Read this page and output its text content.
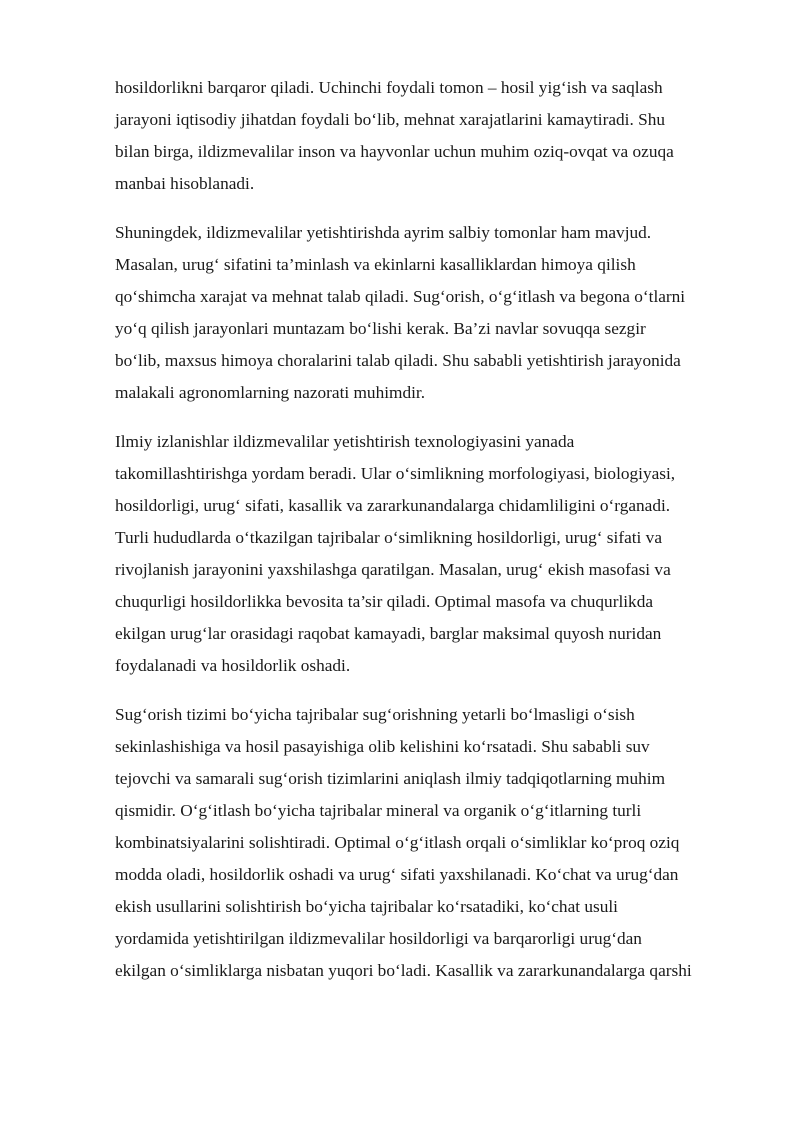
hosildorlikni barqaror qiladi. Uchinchi foydali tomon – hosil yig‘ish va saqlash
jarayoni iqtisodiy jihatdan foydali bo‘lib, mehnat xarajatlarini kamaytiradi. Shu
bilan birga, ildizmevalilar inson va hayvonlar uchun muhim oziq-ovqat va ozuqa
manbai hisoblanadi.

Shuningdek, ildizmevalilar yetishtirishda ayrim salbiy tomonlar ham mavjud.
Masalan, urug‘ sifatini ta’minlash va ekinlarni kasalliklardan himoya qilish
qo‘shimcha xarajat va mehnat talab qiladi. Sug‘orish, o‘g‘itlash va begona o‘tlarni
yo‘q qilish jarayonlari muntazam bo‘lishi kerak. Ba’zi navlar sovuqqa sezgir
bo‘lib, maxsus himoya choralarini talab qiladi. Shu sababli yetishtirish jarayonida
malakali agronomlarning nazorati muhimdir.

Ilmiy izlanishlar ildizmevalilar yetishtirish texnologiyasini yanada
takomillashtirishga yordam beradi. Ular o‘simlikning morfologiyasi, biologiyasi,
hosildorligi, urug‘ sifati, kasallik va zararkunandalarga chidamliligini o‘rganadi.
Turli hududlarda o‘tkazilgan tajribalar o‘simlikning hosildorligi, urug‘ sifati va
rivojlanish jarayonini yaxshilashga qaratilgan. Masalan, urug‘ ekish masofasi va
chuqurligi hosildorlikka bevosita ta’sir qiladi. Optimal masofa va chuqurlikda
ekilgan urug‘lar orasidagi raqobat kamayadi, barglar maksimal quyosh nuridan
foydalanadi va hosildorlik oshadi.

Sug‘orish tizimi bo‘yicha tajribalar sug‘orishning yetarli bo‘lmasligi o‘sish
sekinlashishiga va hosil pasayishiga olib kelishini ko‘rsatadi. Shu sababli suv
tejovchi va samarali sug‘orish tizimlarini aniqlash ilmiy tadqiqotlarning muhim
qismidir. O‘g‘itlash bo‘yicha tajribalar mineral va organik o‘g‘itlarning turli
kombinatsiyalarini solishtiradi. Optimal o‘g‘itlash orqali o‘simliklar ko‘proq oziq
modda oladi, hosildorlik oshadi va urug‘ sifati yaxshilanadi. Ko‘chat va urug‘dan
ekish usullarini solishtirish bo‘yicha tajribalar ko‘rsatadiki, ko‘chat usuli
yordamida yetishtirilgan ildizmevalilar hosildorligi va barqarorligi urug‘dan
ekilgan o‘simliklarga nisbatan yuqori bo‘ladi. Kasallik va zararkunandalarga qarshi
